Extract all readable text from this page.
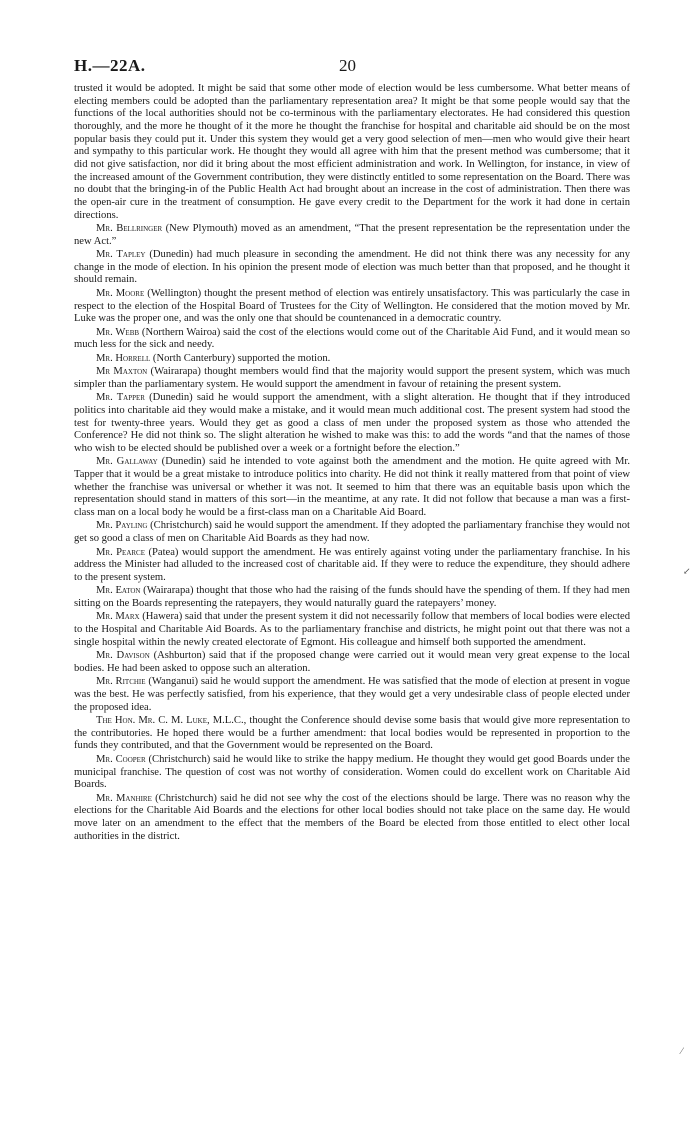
H.—22A.	20

trusted it would be adopted. It might be said that some other mode of election would be less cumbersome. What better means of electing members could be adopted than the parliamentary representation area? It might be that some people would say that the functions of the local authorities should not be co-terminous with the parliamentary electorates. He had considered this question thoroughly, and the more he thought of it the more he thought the franchise for hospital and charitable aid should be on the most popular basis they could put it. Under this system they would get a very good selection of men—men who would give their heart and sympathy to this particular work. He thought they would all agree with him that the present method was cumbersome; that it did not give satisfaction, nor did it bring about the most efficient administration and work. In Wellington, for instance, in view of the increased amount of the Government contribution, they were distinctly entitled to some representation on the Board. There was no doubt that the bringing-in of the Public Health Act had brought about an increase in the cost of administration. Then there was the open-air cure in the treatment of consumption. He gave every credit to the Department for the work it had done in certain directions.

Mr. Bellringer (New Plymouth) moved as an amendment, “That the present representation be the representation under the new Act.”

Mr. Tapley (Dunedin) had much pleasure in seconding the amendment. He did not think there was any necessity for any change in the mode of election. In his opinion the present mode of election was much better than that proposed, and he thought it should remain.

Mr. Moore (Wellington) thought the present method of election was entirely unsatisfactory. This was particularly the case in respect to the election of the Hospital Board of Trustees for the City of Wellington. He considered that the motion moved by Mr. Luke was the proper one, and was the only one that should be countenanced in a democratic country.

Mr. Webb (Northern Wairoa) said the cost of the elections would come out of the Charitable Aid Fund, and it would mean so much less for the sick and needy.

Mr. Horrell (North Canterbury) supported the motion.

Mr Maxton (Wairarapa) thought members would find that the majority would support the present system, which was much simpler than the parliamentary system. He would support the amendment in favour of retaining the present system.

Mr. Tapper (Dunedin) said he would support the amendment, with a slight alteration. He thought that if they introduced politics into charitable aid they would make a mistake, and it would mean much additional cost. The present system had stood the test for twenty-three years. Would they get as good a class of men under the proposed system as those who attended the Conference? He did not think so. The slight alteration he wished to make was this: to add the words “and that the names of those who wish to be elected should be published over a week or a fortnight before the election.”

Mr. Gallaway (Dunedin) said he intended to vote against both the amendment and the motion. He quite agreed with Mr. Tapper that it would be a great mistake to introduce politics into charity. He did not think it really mattered from that point of view whether the franchise was universal or whether it was not. It seemed to him that there was an equitable basis upon which the representation should stand in matters of this sort—in the meantime, at any rate. It did not follow that because a man was a first-class man on a local body he would be a first-class man on a Charitable Aid Board.

Mr. Payling (Christchurch) said he would support the amendment. If they adopted the parliamentary franchise they would not get so good a class of men on Charitable Aid Boards as they had now.

Mr. Pearce (Patea) would support the amendment. He was entirely against voting under the parliamentary franchise. In his address the Minister had alluded to the increased cost of charitable aid. If they were to reduce the expenditure, they should adhere to the present system.

Mr. Eaton (Wairarapa) thought that those who had the raising of the funds should have the spending of them. If they had men sitting on the Boards representing the ratepayers, they would naturally guard the ratepayers’ money.

Mr. Marx (Hawera) said that under the present system it did not necessarily follow that members of local bodies were elected to the Hospital and Charitable Aid Boards. As to the parliamentary franchise and districts, he might point out that there was not a single hospital within the newly created electorate of Egmont. His colleague and himself both supported the amendment.

Mr. Davison (Ashburton) said that if the proposed change were carried out it would mean very great expense to the local bodies. He had been asked to oppose such an alteration.

Mr. Ritchie (Wanganui) said he would support the amendment. He was satisfied that the mode of election at present in vogue was the best. He was perfectly satisfied, from his experience, that they would get a very undesirable class of people elected under the proposed idea.

The Hon. Mr. C. M. Luke, M.L.C., thought the Conference should devise some basis that would give more representation to the contributories. He hoped there would be a further amendment: that local bodies would be represented in proportion to the funds they contributed, and that the Government would be represented on the Board.

Mr. Cooper (Christchurch) said he would like to strike the happy medium. He thought they would get good Boards under the municipal franchise. The question of cost was not worthy of consideration. Women could do excellent work on Charitable Aid Boards.

Mr. Manhire (Christchurch) said he did not see why the cost of the elections should be large. There was no reason why the elections for the Charitable Aid Boards and the elections for other local bodies should not take place on the same day. He would move later on an amendment to the effect that the members of the Board be elected from those entitled to elect other local authorities in the district.

↙
⁄
